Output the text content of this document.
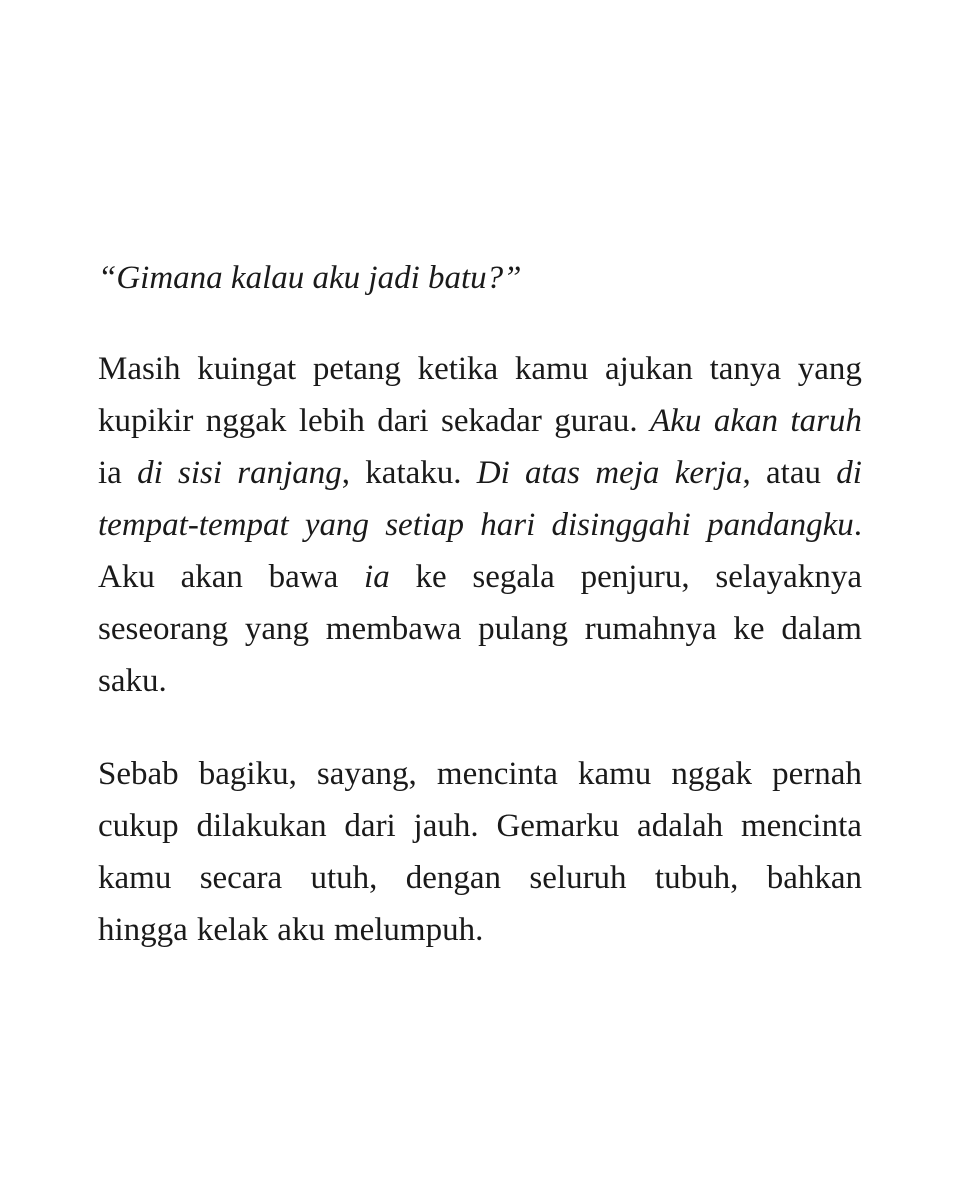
“Gimana kalau aku jadi batu?”
Masih kuingat petang ketika kamu ajukan tanya yang
kupikir nggak lebih dari sekadar gurau. Aku akan taruh
ia di sisi ranjang, kataku. Di atas meja kerja, atau di
tempat-tempat yang setiap hari disinggahi pandangku.
Aku akan bawa ia ke segala penjuru, selayaknya
seseorang yang membawa pulang rumahnya ke dalam
saku.
Sebab bagiku, sayang, mencinta kamu nggak pernah
cukup dilakukan dari jauh. Gemarku adalah mencinta
kamu secara utuh, dengan seluruh tubuh, bahkan
hingga kelak aku melumpuh.
